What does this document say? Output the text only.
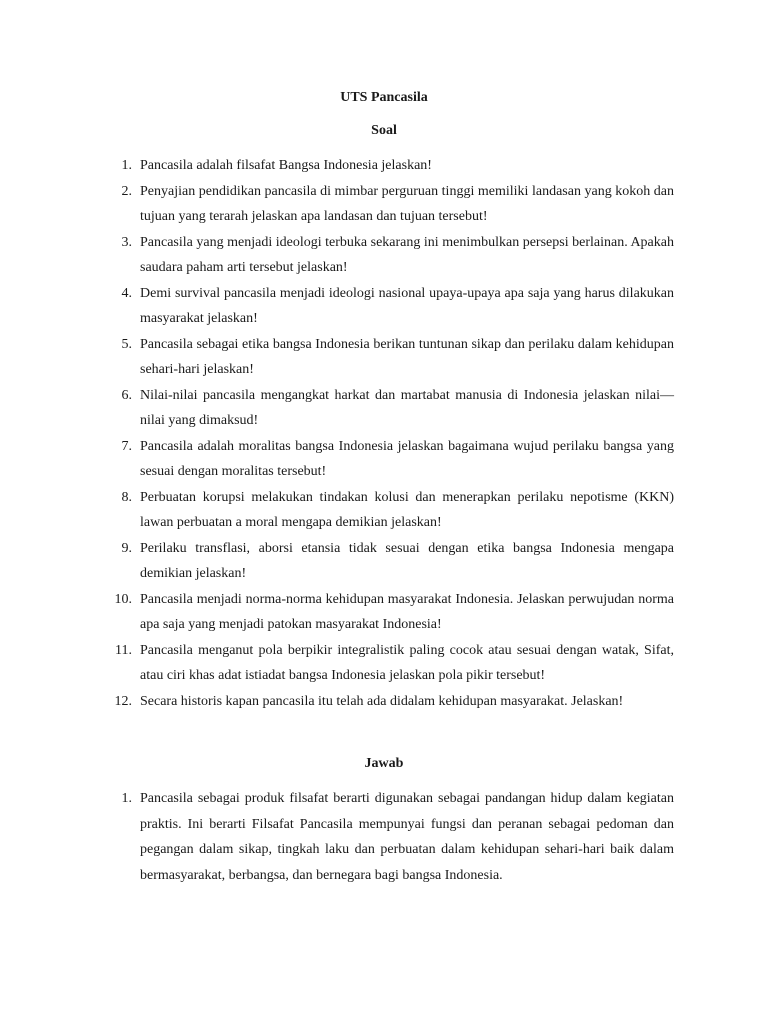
UTS Pancasila
Soal
1. Pancasila adalah filsafat Bangsa Indonesia jelaskan!
2. Penyajian pendidikan pancasila di mimbar perguruan tinggi memiliki landasan yang kokoh dan tujuan yang terarah jelaskan apa landasan dan tujuan tersebut!
3. Pancasila yang menjadi ideologi terbuka sekarang ini menimbulkan persepsi berlainan. Apakah saudara paham arti tersebut jelaskan!
4. Demi survival pancasila menjadi ideologi nasional upaya-upaya apa saja yang harus dilakukan masyarakat jelaskan!
5. Pancasila sebagai etika bangsa Indonesia berikan tuntunan sikap dan perilaku dalam kehidupan sehari-hari jelaskan!
6. Nilai-nilai pancasila mengangkat harkat dan martabat manusia di Indonesia jelaskan nilai—nilai yang dimaksud!
7. Pancasila adalah moralitas bangsa Indonesia jelaskan bagaimana wujud perilaku bangsa yang sesuai dengan moralitas tersebut!
8. Perbuatan korupsi melakukan tindakan kolusi dan menerapkan perilaku nepotisme (KKN) lawan perbuatan a moral mengapa demikian jelaskan!
9. Perilaku transflasi, aborsi etansia tidak sesuai dengan etika bangsa Indonesia mengapa demikian jelaskan!
10. Pancasila menjadi norma-norma kehidupan masyarakat Indonesia. Jelaskan perwujudan norma apa saja yang menjadi patokan masyarakat Indonesia!
11. Pancasila menganut pola berpikir integralistik paling cocok atau sesuai dengan watak, Sifat, atau ciri khas adat istiadat bangsa Indonesia jelaskan pola pikir tersebut!
12. Secara historis kapan pancasila itu telah ada didalam kehidupan masyarakat. Jelaskan!
Jawab
1. Pancasila sebagai produk filsafat berarti digunakan sebagai pandangan hidup dalam kegiatan praktis. Ini berarti Filsafat Pancasila mempunyai fungsi dan peranan sebagai pedoman dan pegangan dalam sikap, tingkah laku dan perbuatan dalam kehidupan sehari-hari baik dalam bermasyarakat, berbangsa, dan bernegara bagi bangsa Indonesia.
